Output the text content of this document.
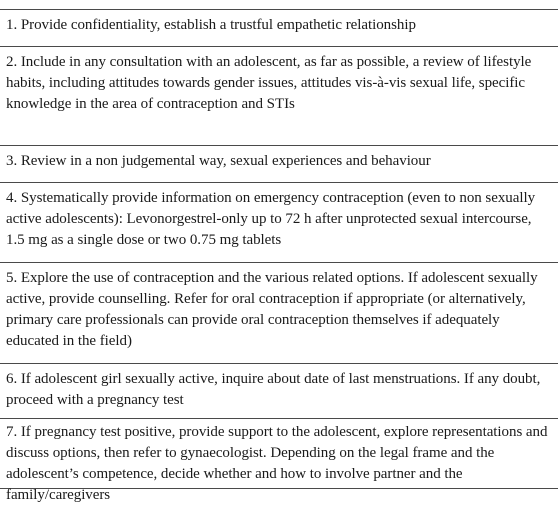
1. Provide confidentiality, establish a trustful empathetic relationship
2. Include in any consultation with an adolescent, as far as possible, a review of lifestyle habits, including attitudes towards gender issues, attitudes vis-à-vis sexual life, specific knowledge in the area of contraception and STIs
3. Review in a non judgemental way, sexual experiences and behaviour
4. Systematically provide information on emergency contraception (even to non sexually active adolescents): Levonorgestrel-only up to 72 h after unprotected sexual intercourse, 1.5 mg as a single dose or two 0.75 mg tablets
5. Explore the use of contraception and the various related options. If adolescent sexually active, provide counselling. Refer for oral contraception if appropriate (or alternatively, primary care professionals can provide oral contraception themselves if adequately educated in the field)
6. If adolescent girl sexually active, inquire about date of last menstruations. If any doubt, proceed with a pregnancy test
7. If pregnancy test positive, provide support to the adolescent, explore representations and discuss options, then refer to gynaecologist. Depending on the legal frame and the adolescent’s competence, decide whether and how to involve partner and the family/caregivers
